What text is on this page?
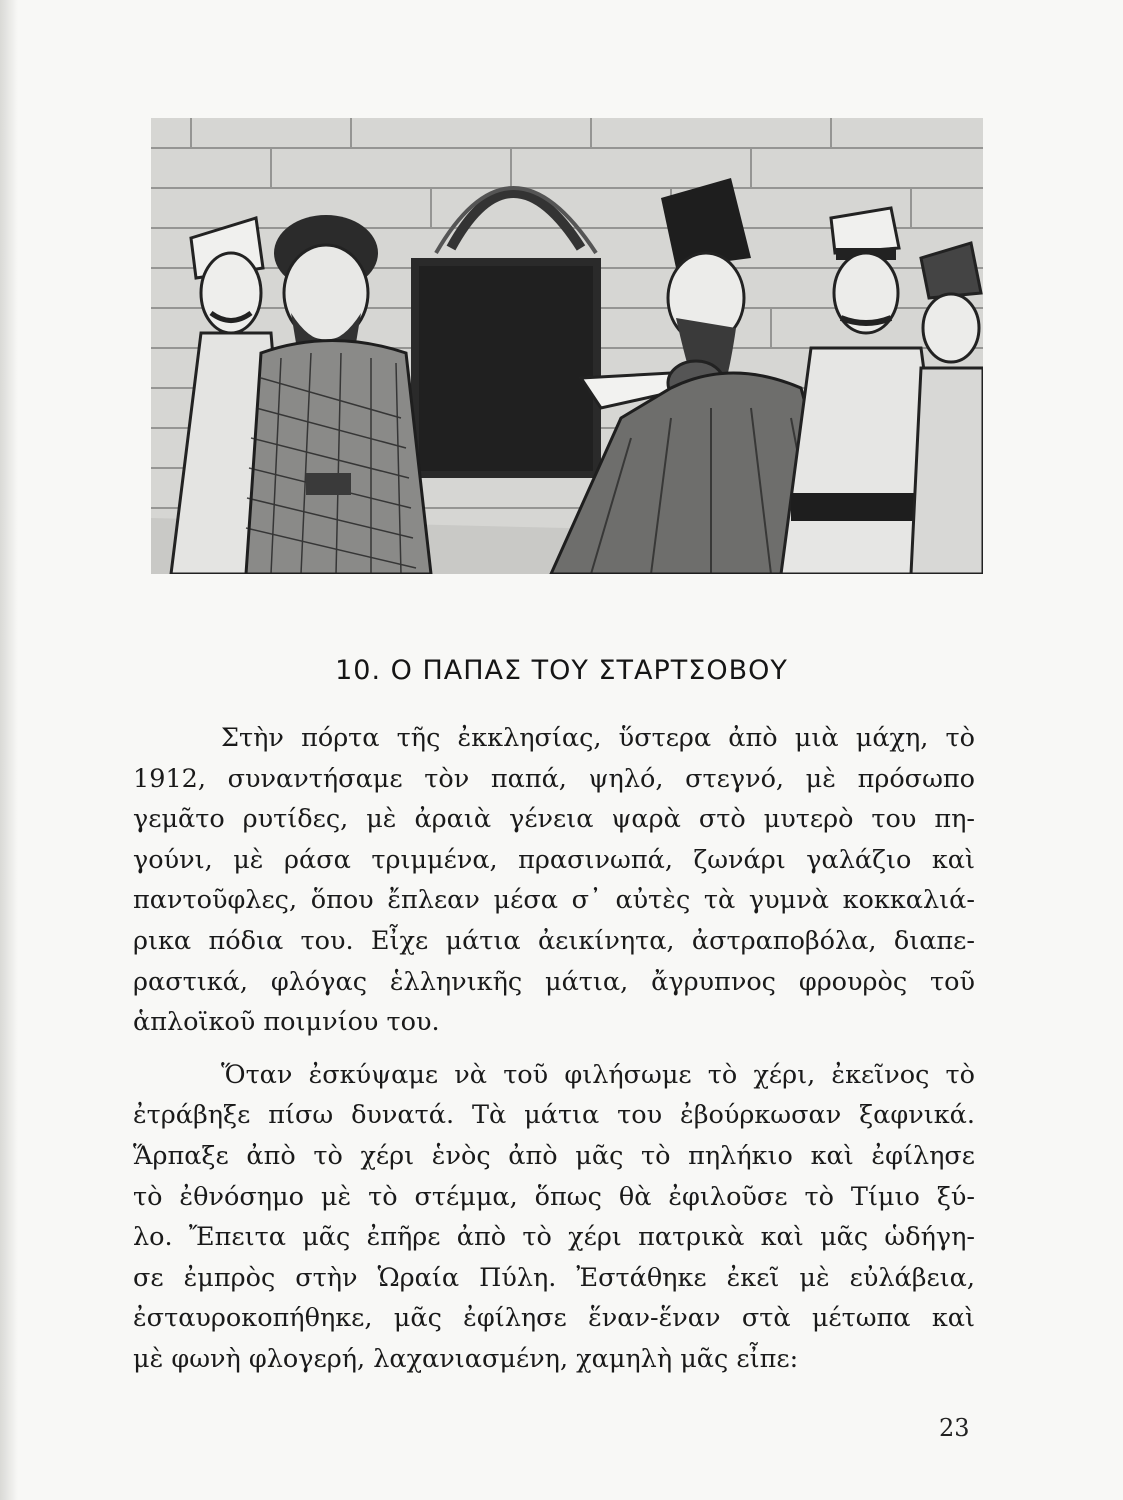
10. Ο ΠΑΠΑΣ ΤΟΥ ΣΤΑΡΤΣΟΒΟΥ
Στὴν πόρτα τῆς ἐκκλησίας, ὕστερα ἀπὸ μιὰ μάχη, τὸ
1912, συναντήσαμε τὸν παπά, ψηλό, στεγνό, μὲ πρόσωπο
γεμᾶτο ρυτίδες, μὲ ἀραιὰ γένεια ψαρὰ στὸ μυτερὸ του πη-
γούνι, μὲ ράσα τριμμένα, πρασινωπά, ζωνάρι γαλάζιο καὶ
παντοῦφλες, ὅπου ἔπλεαν μέσα σ᾽ αὐτὲς τὰ γυμνὰ κοκκαλιά-
ρικα πόδια του. Εἶχε μάτια ἀεικίνητα, ἀστραποβόλα, διαπε-
ραστικά, φλόγας ἑλληνικῆς μάτια, ἄγρυπνος φρουρὸς τοῦ
ἁπλοϊκοῦ ποιμνίου του.
Ὅταν ἐσκύψαμε νὰ τοῦ φιλήσωμε τὸ χέρι, ἐκεῖνος τὸ
ἐτράβηξε πίσω δυνατά. Τὰ μάτια του ἐβούρκωσαν ξαφνικά.
Ἅρπαξε ἀπὸ τὸ χέρι ἑνὸς ἀπὸ μᾶς τὸ πηλήκιο καὶ ἐφίλησε
τὸ ἐθνόσημο μὲ τὸ στέμμα, ὅπως θὰ ἐφιλοῦσε τὸ Τίμιο ξύ-
λο. Ἔπειτα μᾶς ἐπῆρε ἀπὸ τὸ χέρι πατρικὰ καὶ μᾶς ὡδήγη-
σε ἐμπρὸς στὴν Ὡραία Πύλη. Ἐστάθηκε ἐκεῖ μὲ εὐλάβεια,
ἐσταυροκοπήθηκε, μᾶς ἐφίλησε ἕναν-ἕναν στὰ μέτωπα καὶ
μὲ φωνὴ φλογερή, λαχανιασμένη, χαμηλὴ μᾶς εἶπε:
23
